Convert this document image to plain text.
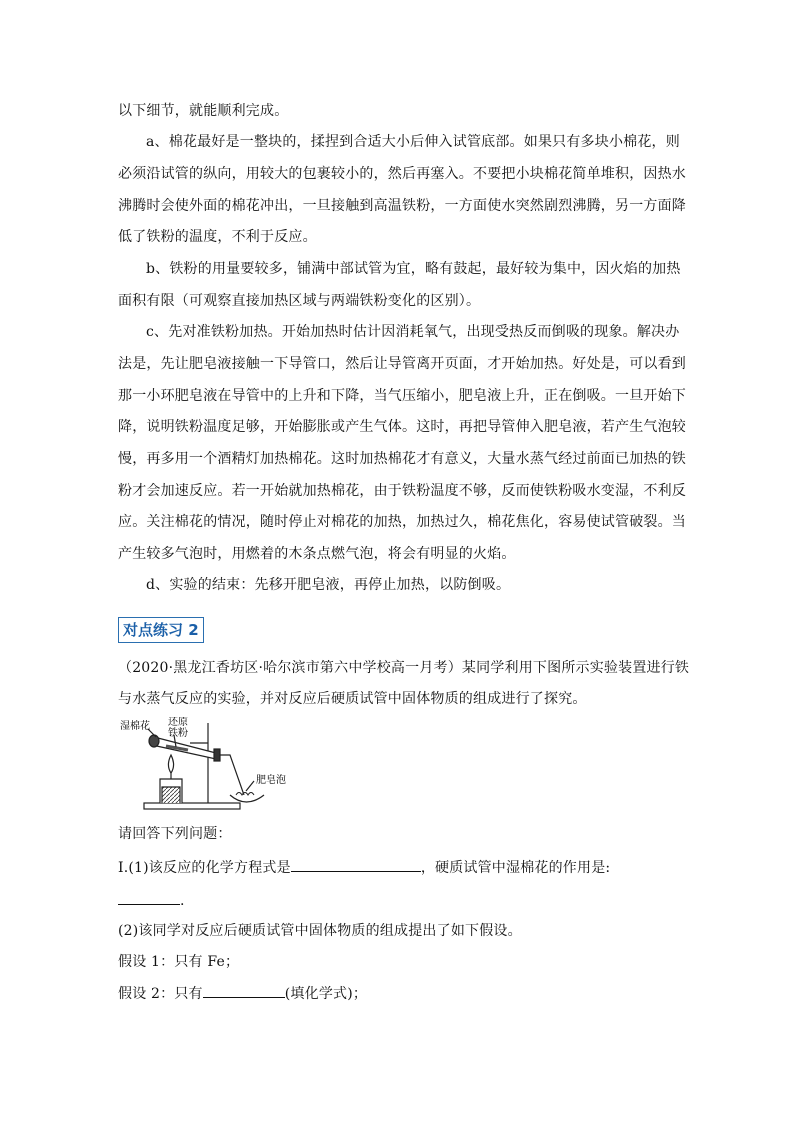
以下细节，就能顺利完成。
a、棉花最好是一整块的，揉捏到合适大小后伸入试管底部。如果只有多块小棉花，则
必须沿试管的纵向，用较大的包裹较小的，然后再塞入。不要把小块棉花简单堆积，因热水
沸腾时会使外面的棉花冲出，一旦接触到高温铁粉，一方面使水突然剧烈沸腾，另一方面降
低了铁粉的温度，不利于反应。
b、铁粉的用量要较多，铺满中部试管为宜，略有鼓起，最好较为集中，因火焰的加热
面积有限（可观察直接加热区域与两端铁粉变化的区别）。
c、先对准铁粉加热。开始加热时估计因消耗氧气，出现受热反而倒吸的现象。解决办
法是，先让肥皂液接触一下导管口，然后让导管离开页面，才开始加热。好处是，可以看到
那一小环肥皂液在导管中的上升和下降，当气压缩小，肥皂液上升，正在倒吸。一旦开始下
降，说明铁粉温度足够，开始膨胀或产生气体。这时，再把导管伸入肥皂液，若产生气泡较
慢，再多用一个酒精灯加热棉花。这时加热棉花才有意义，大量水蒸气经过前面已加热的铁
粉才会加速反应。若一开始就加热棉花，由于铁粉温度不够，反而使铁粉吸水变湿，不利反
应。关注棉花的情况，随时停止对棉花的加热，加热过久，棉花焦化，容易使试管破裂。当
产生较多气泡时，用燃着的木条点燃气泡，将会有明显的火焰。
d、实验的结束：先移开肥皂液，再停止加热，以防倒吸。
对点练习 2
（2020·黑龙江香坊区·哈尔滨市第六中学校高一月考）某同学利用下图所示实验装置进行铁
与水蒸气反应的实验，并对反应后硬质试管中固体物质的组成进行了探究。
湿棉花 还原
铁粉
肥皂泡
请回答下列问题：
Ⅰ.(1)该反应的化学方程式是	，硬质试管中湿棉花的作用是:
.
(2)该同学对反应后硬质试管中固体物质的组成提出了如下假设。
假设 1：只有 Fe；
假设 2：只有	(填化学式)；
